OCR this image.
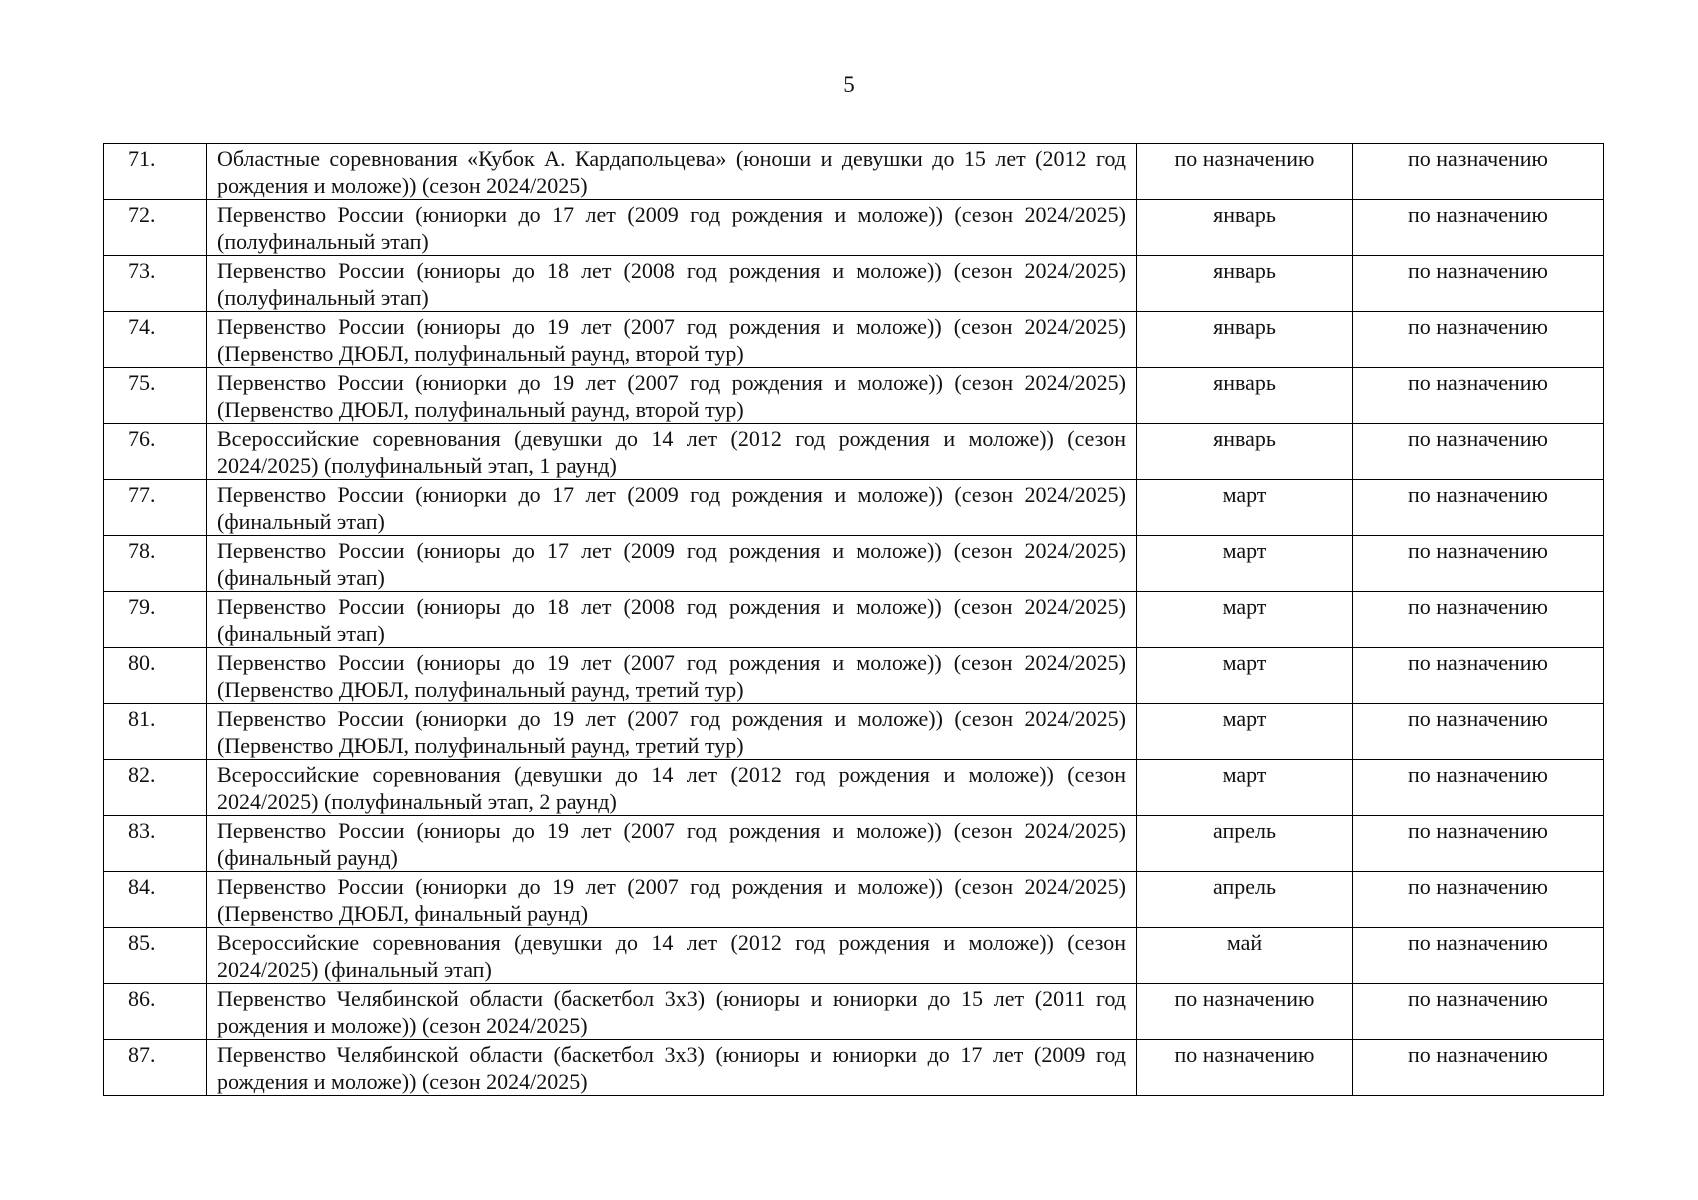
5
71.	Областные соревнования «Кубок А. Кардапольцева» (юноши и девушки до 15 лет (2012 год рождения и моложе)) (сезон 2024/2025)	по назначению	по назначению
72.	Первенство России (юниорки до 17 лет (2009 год рождения и моложе)) (сезон 2024/2025) (полуфинальный этап)	январь	по назначению
73.	Первенство России (юниоры до 18 лет (2008 год рождения и моложе)) (сезон 2024/2025) (полуфинальный этап)	январь	по назначению
74.	Первенство России (юниоры до 19 лет (2007 год рождения и моложе)) (сезон 2024/2025) (Первенство ДЮБЛ, полуфинальный раунд, второй тур)	январь	по назначению
75.	Первенство России (юниорки до 19 лет (2007 год рождения и моложе)) (сезон 2024/2025) (Первенство ДЮБЛ, полуфинальный раунд, второй тур)	январь	по назначению
76.	Всероссийские соревнования (девушки до 14 лет (2012 год рождения и моложе)) (сезон 2024/2025) (полуфинальный этап, 1 раунд)	январь	по назначению
77.	Первенство России (юниорки до 17 лет (2009 год рождения и моложе)) (сезон 2024/2025) (финальный этап)	март	по назначению
78.	Первенство России (юниоры до 17 лет (2009 год рождения и моложе)) (сезон 2024/2025) (финальный этап)	март	по назначению
79.	Первенство России (юниоры до 18 лет (2008 год рождения и моложе)) (сезон 2024/2025) (финальный этап)	март	по назначению
80.	Первенство России (юниоры до 19 лет (2007 год рождения и моложе)) (сезон 2024/2025) (Первенство ДЮБЛ, полуфинальный раунд, третий тур)	март	по назначению
81.	Первенство России (юниорки до 19 лет (2007 год рождения и моложе)) (сезон 2024/2025) (Первенство ДЮБЛ, полуфинальный раунд, третий тур)	март	по назначению
82.	Всероссийские соревнования (девушки до 14 лет (2012 год рождения и моложе)) (сезон 2024/2025) (полуфинальный этап, 2 раунд)	март	по назначению
83.	Первенство России (юниоры до 19 лет (2007 год рождения и моложе)) (сезон 2024/2025) (финальный раунд)	апрель	по назначению
84.	Первенство России (юниорки до 19 лет (2007 год рождения и моложе)) (сезон 2024/2025) (Первенство ДЮБЛ, финальный раунд)	апрель	по назначению
85.	Всероссийские соревнования (девушки до 14 лет (2012 год рождения и моложе)) (сезон 2024/2025) (финальный этап)	май	по назначению
86.	Первенство Челябинской области (баскетбол 3х3) (юниоры и юниорки до 15 лет (2011 год рождения и моложе)) (сезон 2024/2025)	по назначению	по назначению
87.	Первенство Челябинской области (баскетбол 3х3) (юниоры и юниорки до 17 лет (2009 год рождения и моложе)) (сезон 2024/2025)	по назначению	по назначению
